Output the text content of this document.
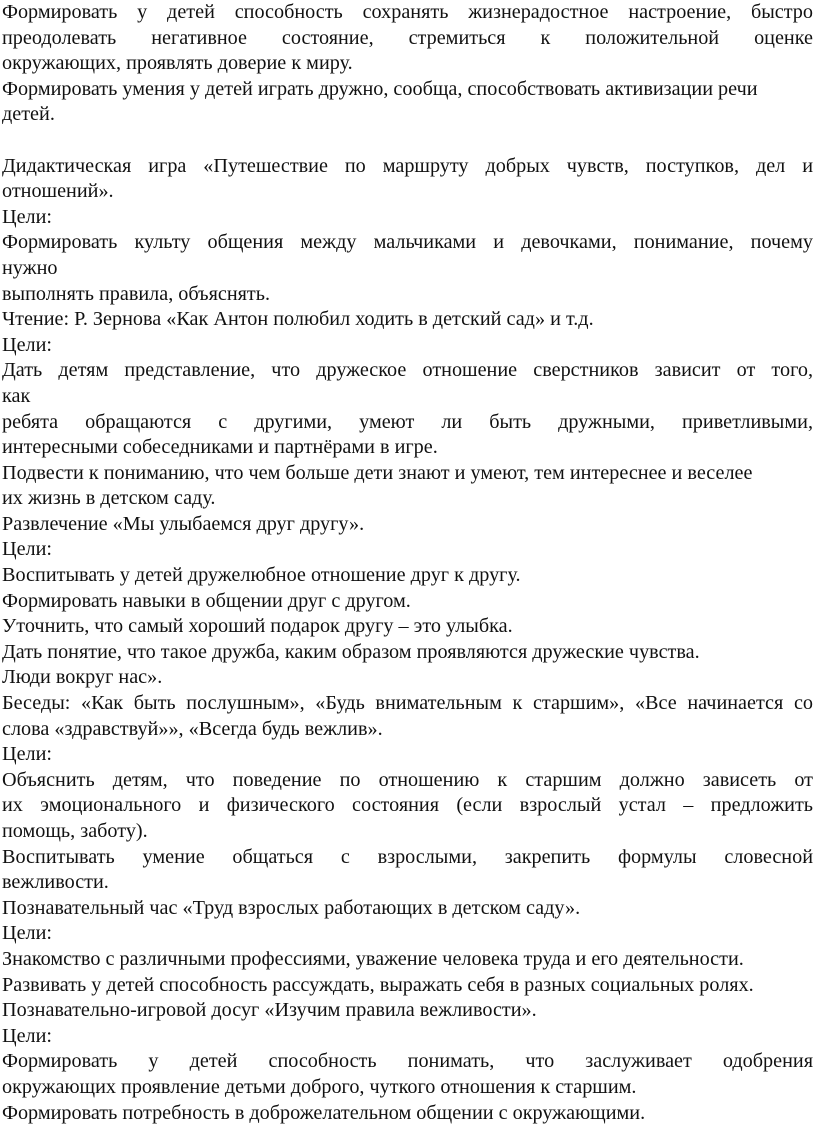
Формировать у детей способность сохранять жизнерадостное настроение, быстро
преодолевать негативное состояние, стремиться к положительной оценке
окружающих, проявлять доверие к миру.
Формировать умения у детей играть дружно, сообща, способствовать активизации речи
детей.
Дидактическая игра «Путешествие по маршруту добрых чувств, поступков, дел и
отношений».
Цели:
Формировать культу общения между мальчиками и девочками, понимание, почему
нужно
выполнять правила, объяснять.
Чтение: Р. Зернова «Как Антон полюбил ходить в детский сад» и т.д.
Цели:
Дать детям представление, что дружеское отношение сверстников зависит от того,
как
ребята обращаются с другими, умеют ли быть дружными, приветливыми,
интересными собеседниками и партнёрами в игре.
Подвести к пониманию, что чем больше дети знают и умеют, тем интереснее и веселее
их жизнь в детском саду.
Развлечение «Мы улыбаемся друг другу».
Цели:
Воспитывать у детей дружелюбное отношение друг к другу.
Формировать навыки в общении друг с другом.
Уточнить, что самый хороший подарок другу – это улыбка.
Дать понятие, что такое дружба, каким образом проявляются дружеские чувства.
Люди вокруг нас».
Беседы: «Как быть послушным», «Будь внимательным к старшим», «Все начинается со
слова «здравствуй»», «Всегда будь вежлив».
Цели:
Объяснить детям, что поведение по отношению к старшим должно зависеть от
их эмоционального и физического состояния (если взрослый устал – предложить
помощь, заботу).
Воспитывать умение общаться с взрослыми, закрепить формулы словесной
вежливости.
Познавательный час «Труд взрослых работающих в детском саду».
Цели:
Знакомство с различными профессиями, уважение человека труда и его деятельности.
Развивать у детей способность рассуждать, выражать себя в разных социальных ролях.
Познавательно-игровой досуг «Изучим правила вежливости».
Цели:
Формировать у детей способность понимать, что заслуживает одобрения
окружающих проявление детьми доброго, чуткого отношения к старшим.
Формировать потребность в доброжелательном общении с окружающими.
